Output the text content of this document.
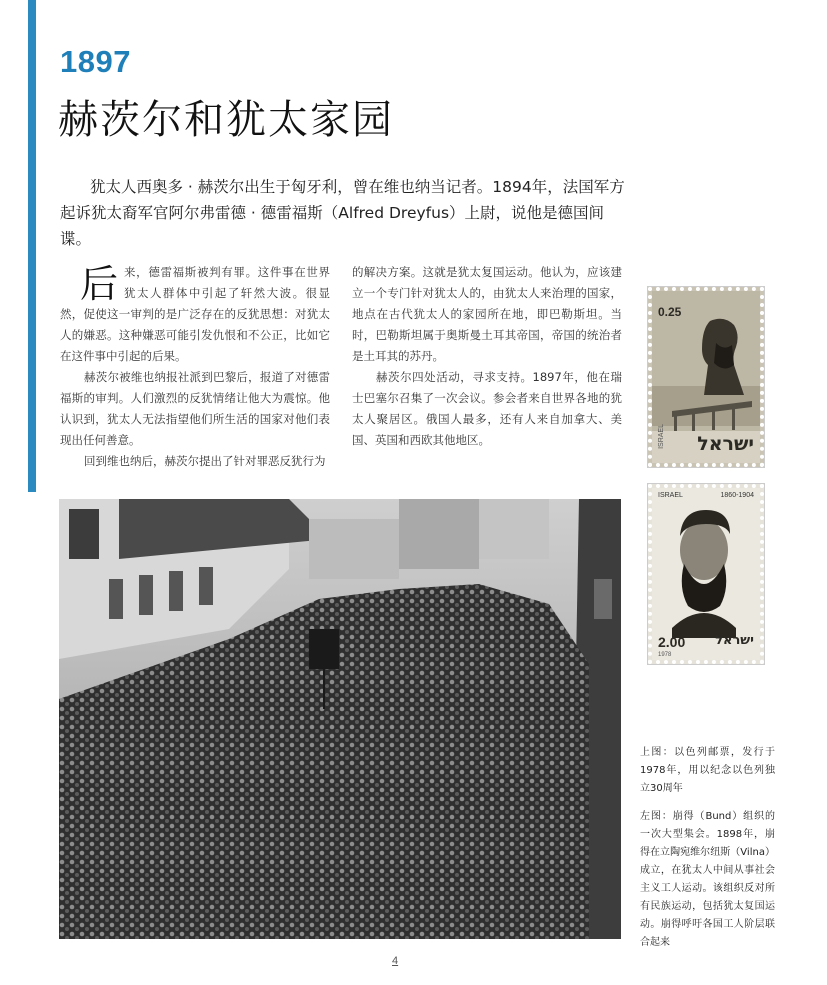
1897
赫茨尔和犹太家园

犹太人西奥多 · 赫茨尔出生于匈牙利，曾在维也纳当记者。1894年，法国军方起诉犹太裔军官阿尔弗雷德 · 德雷福斯（Alfred Dreyfus）上尉，说他是德国间谍。

后来，德雷福斯被判有罪。这件事在世界犹太人群体中引起了轩然大波。很显然，促使这一审判的是广泛存在的反犹思想：对犹太人的嫌恶。这种嫌恶可能引发仇恨和不公正，比如它在这件事中引起的后果。

赫茨尔被维也纳报社派到巴黎后，报道了对德雷福斯的审判。人们激烈的反犹情绪让他大为震惊。他认识到，犹太人无法指望他们所生活的国家对他们表现出任何善意。

回到维也纳后，赫茨尔提出了针对罪恶反犹行为

的解决方案。这就是犹太复国运动。他认为，应该建立一个专门针对犹太人的，由犹太人来治理的国家，地点在古代犹太人的家园所在地，即巴勒斯坦。当时，巴勒斯坦属于奥斯曼土耳其帝国，帝国的统治者是土耳其的苏丹。

赫茨尔四处活动，寻求支持。1897年，他在瑞士巴塞尔召集了一次会议。参会者来自世界各地的犹太人聚居区。俄国人最多，还有人来自加拿大、美国、英国和西欧其他地区。

0.25
ISRAEL ישראל
ISRAEL	1860-1904
2.00 ישראל
1978

上图：以色列邮票，发行于1978年，用以纪念以色列独立30周年

左图：崩得（Bund）组织的一次大型集会。1898年，崩得在立陶宛维尔纽斯（Vilna）成立，在犹太人中间从事社会主义工人运动。该组织反对所有民族运动，包括犹太复国运动。崩得呼吁各国工人阶层联合起来

4
